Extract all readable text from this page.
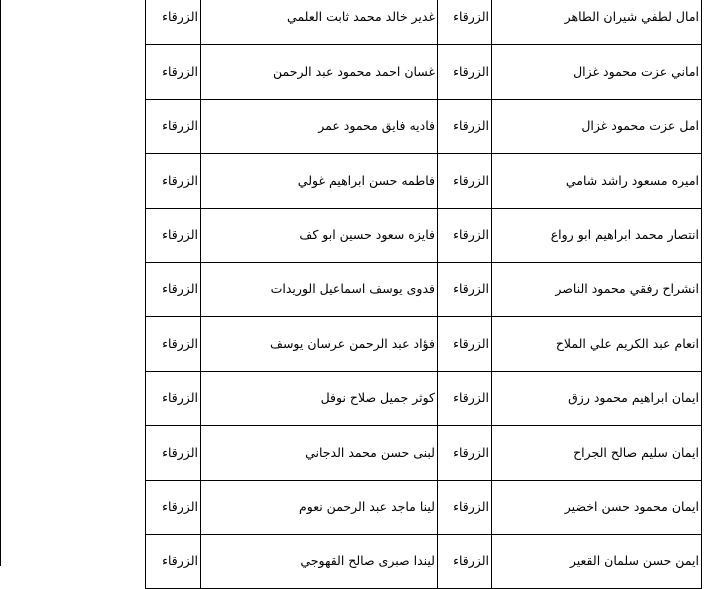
امال لطفي شيران الطاهر	الزرقاء	غدير خالد محمد ثابت العلمي	الزرقاء
اماني عزت محمود غزال	الزرقاء	غسان احمد محمود عبد الرحمن	الزرقاء
امل عزت محمود غزال	الزرقاء	فاديه فايق محمود عمر	الزرقاء
اميره مسعود راشد شامي	الزرقاء	فاطمه حسن ابراهيم غولي	الزرقاء
انتصار محمد ابراهيم ابو رواع	الزرقاء	فايزه سعود حسين ابو كف	الزرقاء
انشراح رفقي محمود الناصر	الزرقاء	فدوى يوسف اسماعيل الوريدات	الزرقاء
انعام عبد الكريم علي الملاح	الزرقاء	فؤاد عبد الرحمن عرسان يوسف	الزرقاء
ايمان ابراهيم محمود رزق	الزرقاء	كوثر جميل صلاح نوفل	الزرقاء
ايمان سليم صالح الجراح	الزرقاء	لبنى حسن محمد الدجاني	الزرقاء
ايمان محمود حسن اخضير	الزرقاء	لينا ماجد عبد الرحمن نعوم	الزرقاء
ايمن حسن سلمان القعير	الزرقاء	ليندا صبرى صالح القهوجي	الزرقاء
